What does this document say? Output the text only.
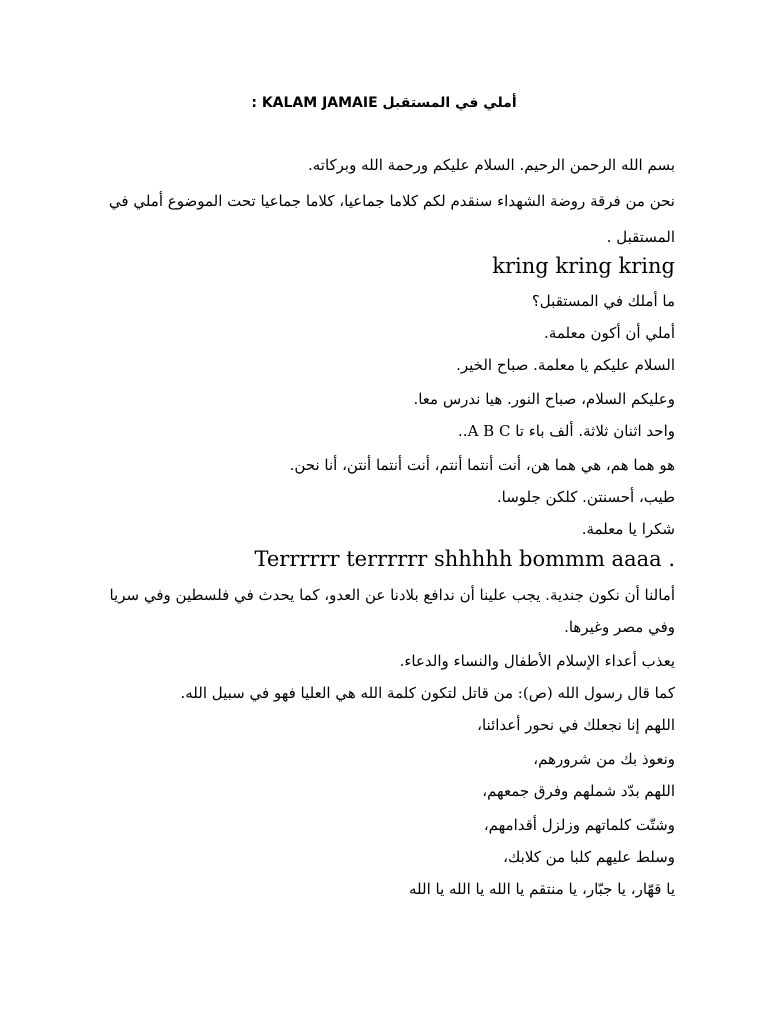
أملي في المستقبل KALAM JAMAIE :
بسم الله الرحمن الرحيم. السلام عليكم ورحمة الله وبركاته.
نحن من فرقة روضة الشهداء سنقدم لكم كلاما جماعيا، كلاما جماعيا تحت الموضوع أملي في
المستقبل .
kring kring kring
ما أملك في المستقبل؟
أملي أن أكون معلمة.
السلام عليكم يا معلمة. صباح الخير.
وعليكم السلام، صباح النور. هيا ندرس معا.
واحد اثنان ثلاثة. ألف باء تا A B C..
هو هما هم، هي هما هن، أنت أنتما أنتم، أنت أنتما أنتن، أنا نحن.
طيب، أحسنتن. كلكن جلوسا.
شكرا يا معلمة.
Terrrrrr terrrrrr shhhhh bommm aaaa .
أمالنا أن نكون جندية. يجب علينا أن ندافع بلادنا عن العدو، كما يحدث في فلسطين وفي سريا
وفي مصر وغيرها.
يعذب أعداء الإسلام الأطفال والنساء والدعاء.
كما قال رسول الله (ص): من قاتل لتكون كلمة الله هي العليا فهو في سبيل الله.
اللهم إنا نجعلك في نحور أعدائنا،
ونعوذ بك من شرورهم،
اللهم بدّد شملهم وفرق جمعهم،
وشتّت كلماتهم وزلزل أقدامهم،
وسلط عليهم كلبا من كلابك،
يا قهّار، يا جبّار، يا منتقم يا الله يا الله يا الله
